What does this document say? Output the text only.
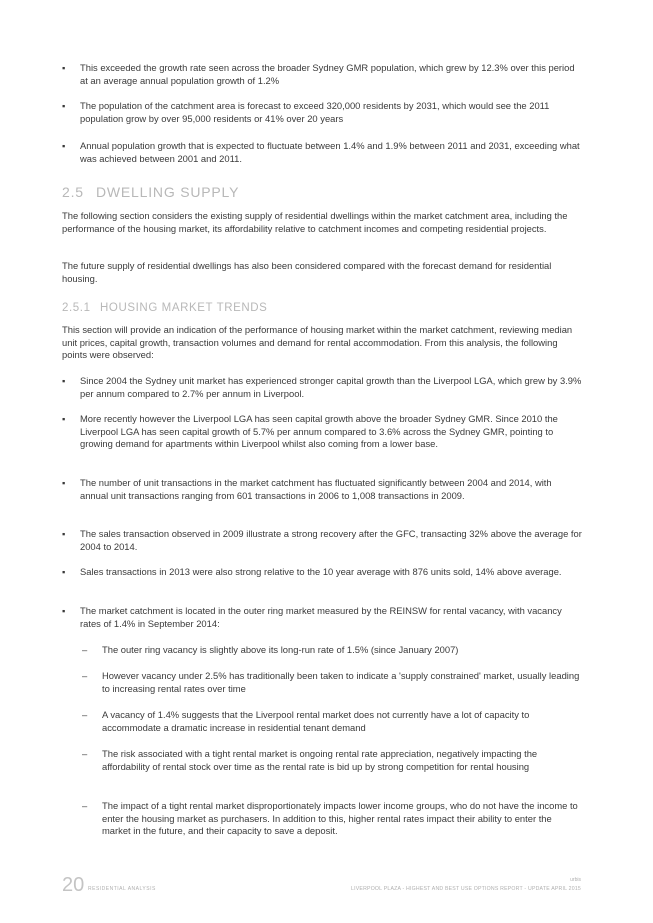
▪	This exceeded the growth rate seen across the broader Sydney GMR population, which grew by 12.3% over this period at an average annual population growth of 1.2%
▪	The population of the catchment area is forecast to exceed 320,000 residents by 2031, which would see the 2011 population grow by over 95,000 residents or 41% over 20 years
▪	Annual population growth that is expected to fluctuate between 1.4% and 1.9% between 2011 and 2031, exceeding what was achieved between 2001 and 2011.
2.5 DWELLING SUPPLY
The following section considers the existing supply of residential dwellings within the market catchment area, including the performance of the housing market, its affordability relative to catchment incomes and competing residential projects.
The future supply of residential dwellings has also been considered compared with the forecast demand for residential housing.
2.5.1 HOUSING MARKET TRENDS
This section will provide an indication of the performance of housing market within the market catchment, reviewing median unit prices, capital growth, transaction volumes and demand for rental accommodation. From this analysis, the following points were observed:
▪	Since 2004 the Sydney unit market has experienced stronger capital growth than the Liverpool LGA, which grew by 3.9% per annum compared to 2.7% per annum in Liverpool.
▪	More recently however the Liverpool LGA has seen capital growth above the broader Sydney GMR. Since 2010 the Liverpool LGA has seen capital growth of 5.7% per annum compared to 3.6% across the Sydney GMR, pointing to growing demand for apartments within Liverpool whilst also coming from a lower base.
▪	The number of unit transactions in the market catchment has fluctuated significantly between 2004 and 2014, with annual unit transactions ranging from 601 transactions in 2006 to 1,008 transactions in 2009.
▪	The sales transaction observed in 2009 illustrate a strong recovery after the GFC, transacting 32% above the average for 2004 to 2014.
▪	Sales transactions in 2013 were also strong relative to the 10 year average with 876 units sold, 14% above average.
▪	The market catchment is located in the outer ring market measured by the REINSW for rental vacancy, with vacancy rates of 1.4% in September 2014:
– The outer ring vacancy is slightly above its long-run rate of 1.5% (since January 2007)
– However vacancy under 2.5% has traditionally been taken to indicate a 'supply constrained' market, usually leading to increasing rental rates over time
– A vacancy of 1.4% suggests that the Liverpool rental market does not currently have a lot of capacity to accommodate a dramatic increase in residential tenant demand
– The risk associated with a tight rental market is ongoing rental rate appreciation, negatively impacting the affordability of rental stock over time as the rental rate is bid up by strong competition for rental housing
– The impact of a tight rental market disproportionately impacts lower income groups, who do not have the income to enter the housing market as purchasers. In addition to this, higher rental rates impact their ability to enter the market in the future, and their capacity to save a deposit.
20 RESIDENTIAL ANALYSIS
urbis
LIVERPOOL PLAZA - HIGHEST AND BEST USE OPTIONS REPORT - UPDATE APRIL 2015
